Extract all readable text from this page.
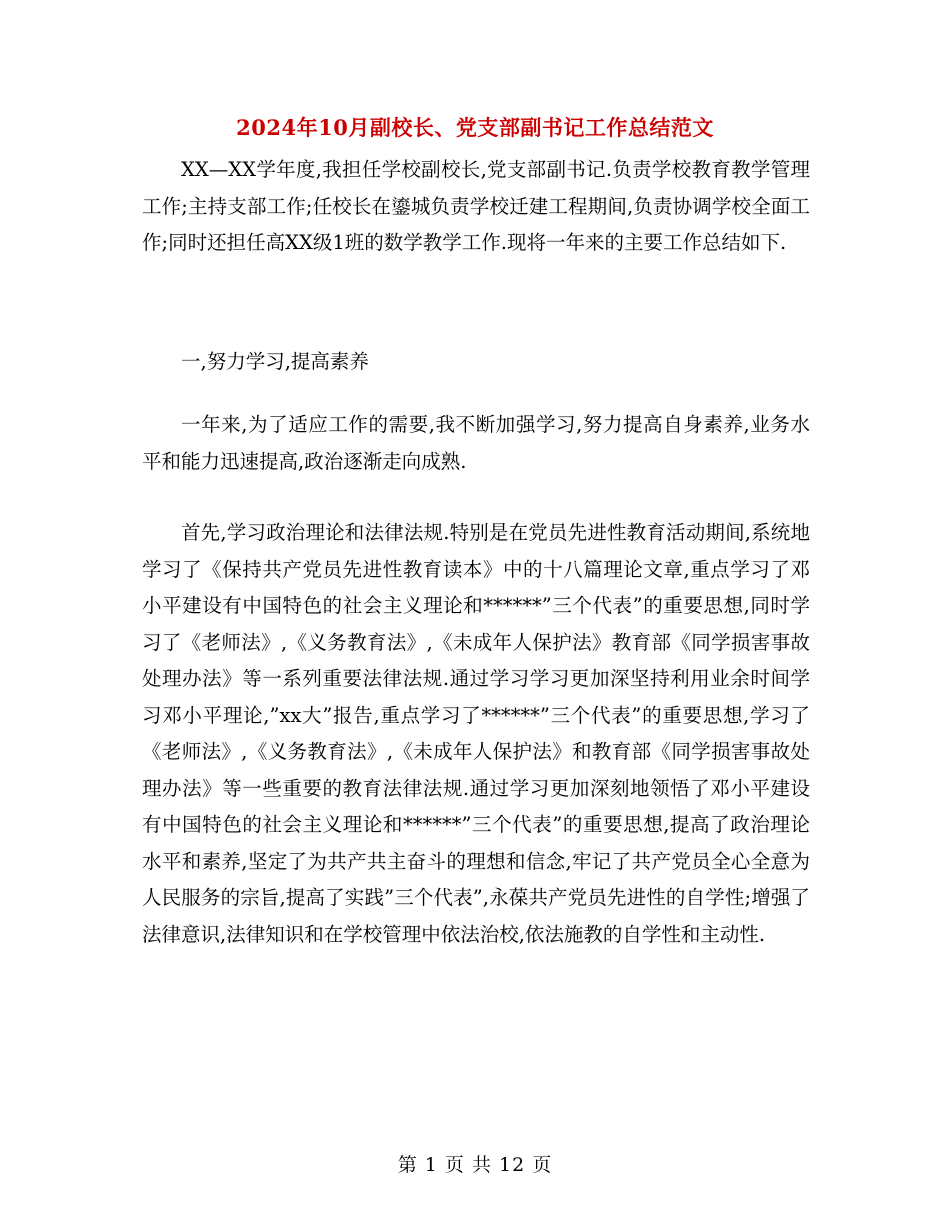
2024年10月副校长、党支部副书记工作总结范文

XX—XX学年度,我担任学校副校长,党支部副书记.负责学校教育教学管理工作;主持支部工作;任校长在鎏城负责学校迁建工程期间,负责协调学校全面工作;同时还担任高XX级1班的数学教学工作.现将一年来的主要工作总结如下.

一,努力学习,提高素养

一年来,为了适应工作的需要,我不断加强学习,努力提高自身素养,业务水平和能力迅速提高,政治逐渐走向成熟.

首先,学习政治理论和法律法规.特别是在党员先进性教育活动期间,系统地学习了《保持共产党员先进性教育读本》中的十八篇理论文章,重点学习了邓小平建设有中国特色的社会主义理论和******”三个代表”的重要思想,同时学习了《老师法》,《义务教育法》,《未成年人保护法》教育部《同学损害事故处理办法》等一系列重要法律法规.通过学习学习更加深坚持利用业余时间学习邓小平理论,”xx大”报告,重点学习了******”三个代表”的重要思想,学习了《老师法》,《义务教育法》,《未成年人保护法》和教育部《同学损害事故处理办法》等一些重要的教育法律法规.通过学习更加深刻地领悟了邓小平建设有中国特色的社会主义理论和******”三个代表”的重要思想,提高了政治理论水平和素养,坚定了为共产共主奋斗的理想和信念,牢记了共产党员全心全意为人民服务的宗旨,提高了实践”三个代表”,永葆共产党员先进性的自学性;增强了法律意识,法律知识和在学校管理中依法治校,依法施教的自学性和主动性.

第 1 页 共 12 页
